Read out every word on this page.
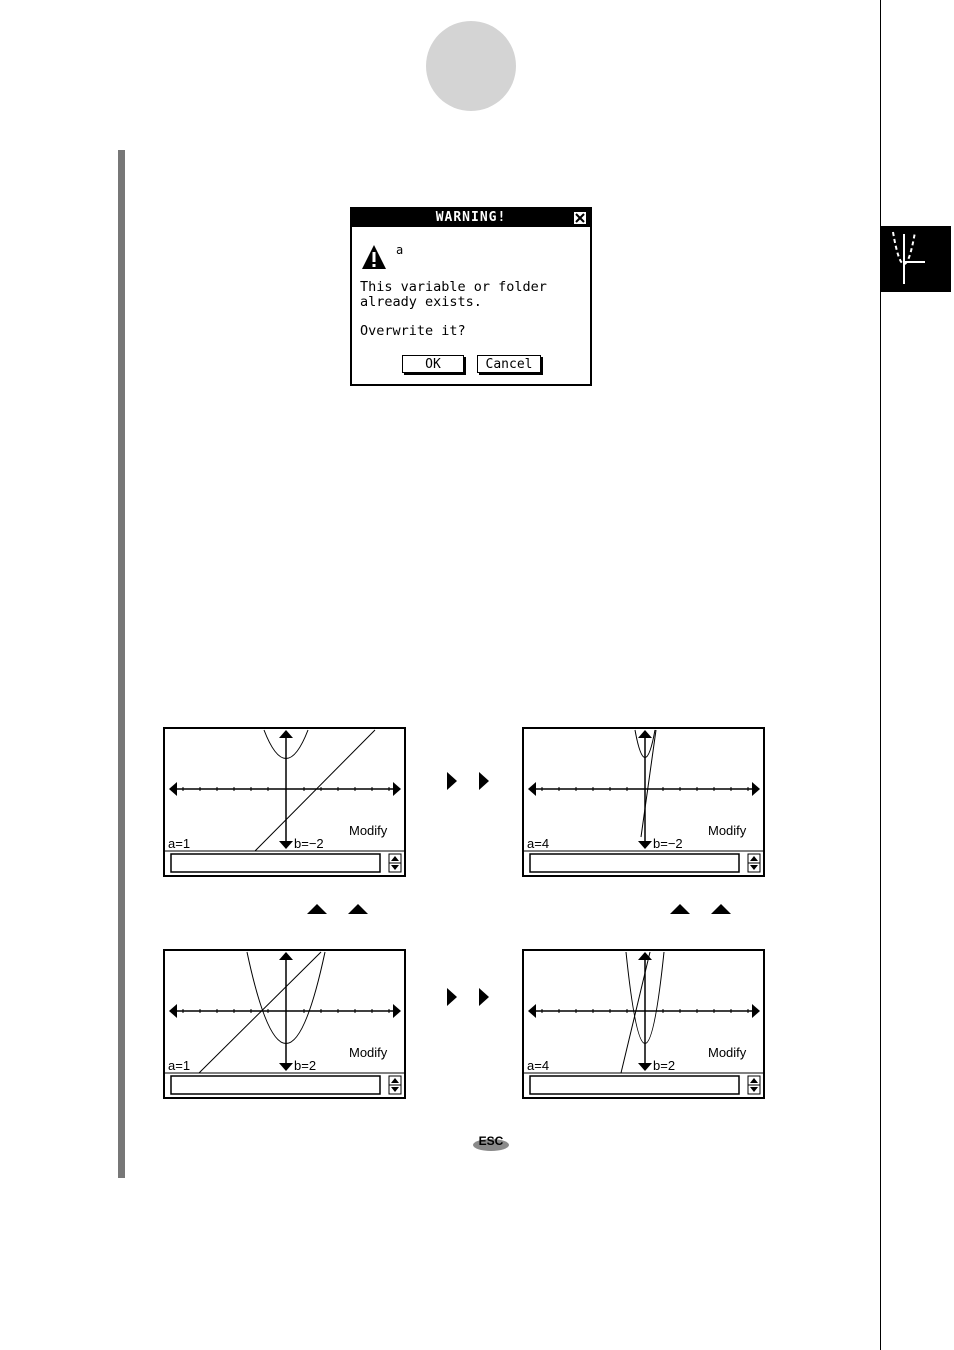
WARNING!
a
This variable or folder
already exists.
Overwrite it?
OK	Cancel
a=1	b=−2
Modify
a=4	b=−2
Modify
a=1	b=2
Modify
a=4	b=2
Modify
ESC
